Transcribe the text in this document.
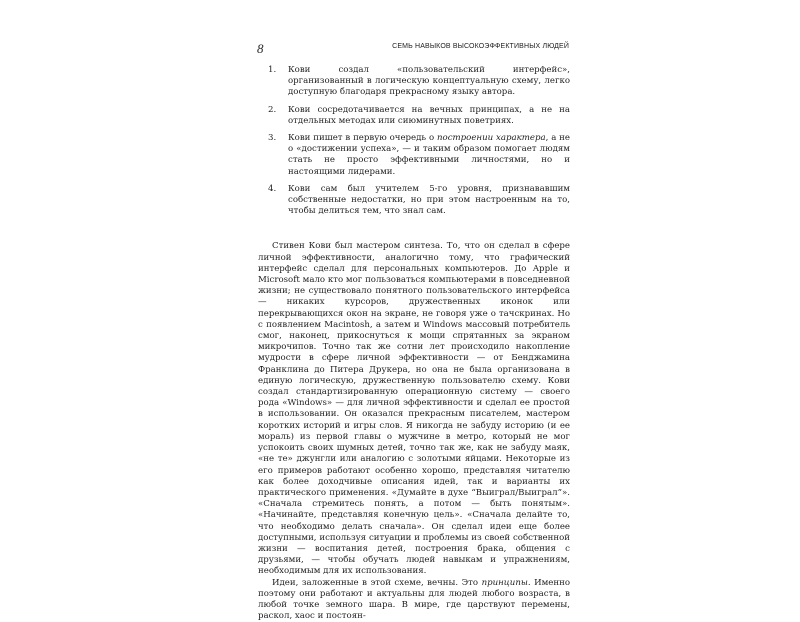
8	СЕМЬ НАВЫКОВ ВЫСОКОЭФФЕКТИВНЫХ ЛЮДЕЙ
1. Кови создал «пользовательский интерфейс», организованный в логическую концептуальную схему, легко доступную благодаря прекрасному языку автора.
2. Кови сосредотачивается на вечных принципах, а не на отдельных методах или сиюминутных поветриях.
3. Кови пишет в первую очередь о построении характера, а не о «достижении успеха», — и таким образом помогает людям стать не просто эффективными личностями, но и настоящими лидерами.
4. Кови сам был учителем 5-го уровня, признававшим собственные недостатки, но при этом настроенным на то, чтобы делиться тем, что знал сам.

Стивен Кови был мастером синтеза. То, что он сделал в сфере личной эффективности, аналогично тому, что графический интерфейс сделал для персональных компьютеров. До Apple и Microsoft мало кто мог пользоваться компьютерами в повседневной жизни; не существовало понятного пользовательского интерфейса — никаких курсоров, дружественных иконок или перекрывающихся окон на экране, не говоря уже о тачскринах. Но с появлением Macintosh, а затем и Windows массовый потребитель смог, наконец, прикоснуться к мощи спрятанных за экраном микрочипов. Точно так же сотни лет происходило накопление мудрости в сфере личной эффективности — от Бенджамина Франклина до Питера Друкера, но она не была организована в единую логическую, дружественную пользователю схему. Кови создал стандартизированную операционную систему — своего рода «Windows» — для личной эффективности и сделал ее простой в использовании. Он оказался прекрасным писателем, мастером коротких историй и игры слов. Я никогда не забуду историю (и ее мораль) из первой главы о мужчине в метро, который не мог успокоить своих шумных детей, точно так же, как не забуду маяк, «не те» джунгли или аналогию с золотыми яйцами. Некоторые из его примеров работают особенно хорошо, представляя читателю как более доходчивые описания идей, так и варианты их практического применения. «Думайте в духе “Выиграл/Выиграл”». «Сначала стремитесь понять, а потом — быть понятым». «Начинайте, представляя конечную цель». «Сначала делайте то, что необходимо делать сначала». Он сделал идеи еще более доступными, используя ситуации и проблемы из своей собственной жизни — воспитания детей, построения брака, общения с друзьями, — чтобы обучать людей навыкам и упражнениям, необходимым для их использования.

Идеи, заложенные в этой схеме, вечны. Это принципы. Именно поэтому они работают и актуальны для людей любого возраста, в любой точке земного шара. В мире, где царствуют перемены, раскол, хаос и постоян-
